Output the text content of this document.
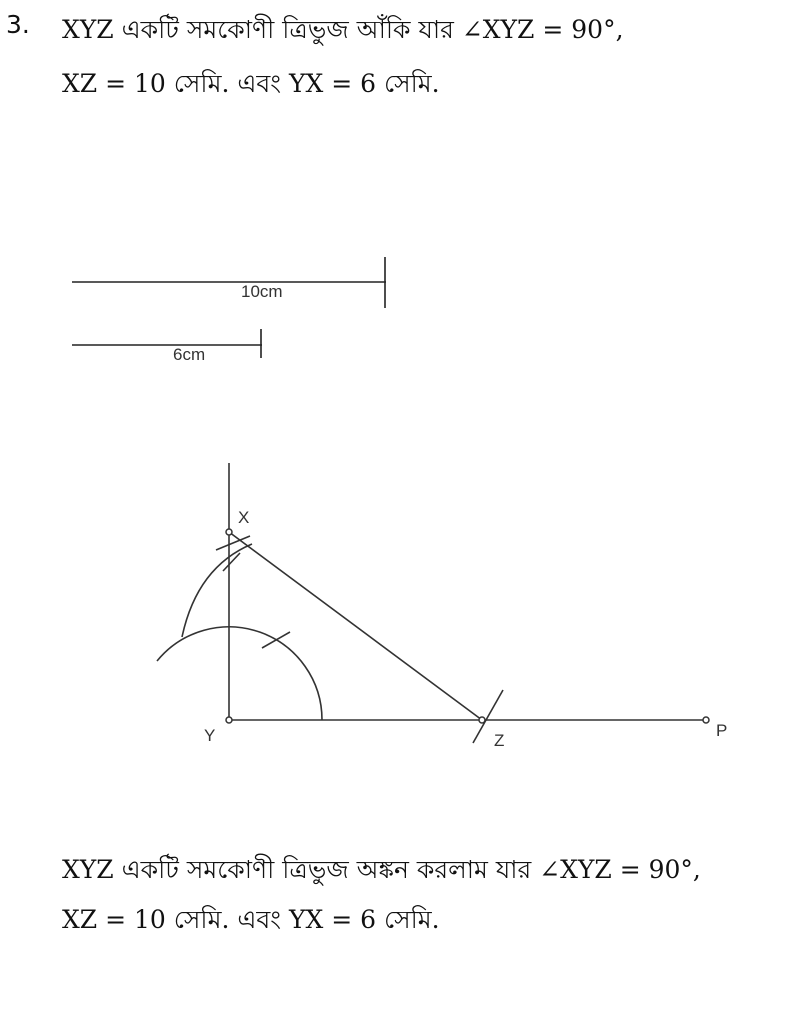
3. XYZ একটি সমকোণী ত্রিভুজ আঁকি যার ∠XYZ = 90°,
XZ = 10 সেমি. এবং YX = 6 সেমি.
10cm
6cm
X
Y	Z
P
XYZ একটি সমকোণী ত্রিভুজ অঙ্কন করলাম যার ∠XYZ = 90°,
XZ = 10 সেমি. এবং YX = 6 সেমি.
